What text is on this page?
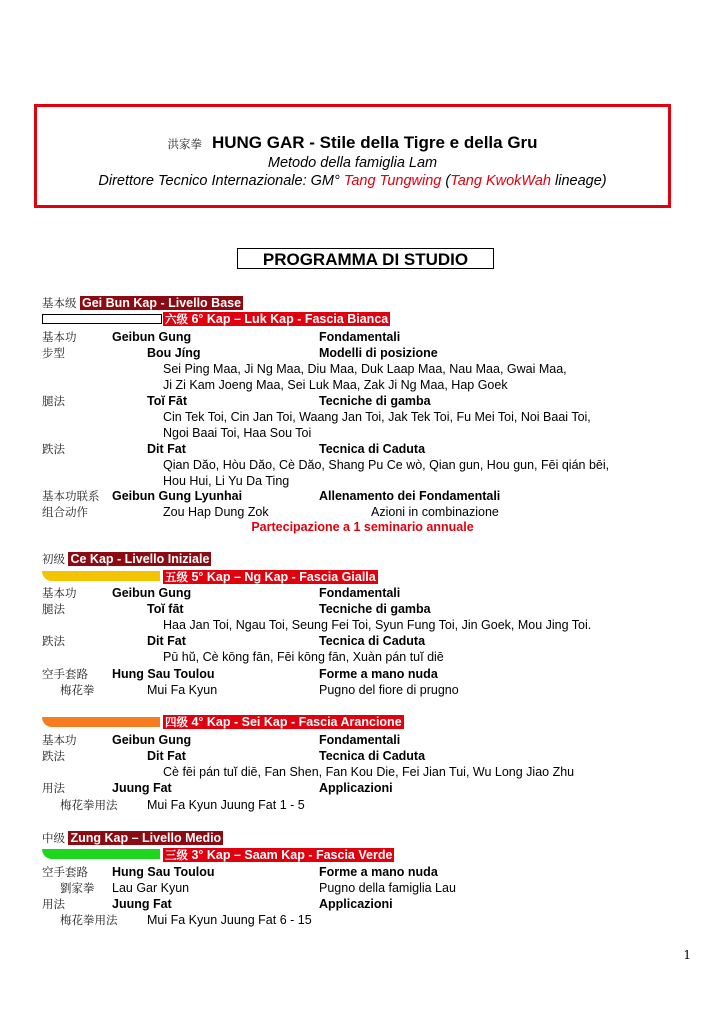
洪家拳 HUNG GAR - Stile della Tigre e della Gru
Metodo della famiglia Lam
Direttore Tecnico Internazionale: GM° Tang Tungwing (Tang KwokWah lineage)
PROGRAMMA DI STUDIO
基本级 Gei Bun Kap - Livello Base
六级 6° Kap – Luk Kap - Fascia Bianca
基本功	Geibun Gung	Fondamentali
步型	Bou Jíng	Modelli di posizione
Sei Ping Maa, Ji Ng Maa, Diu Maa, Duk Laap Maa, Nau Maa, Gwai Maa,
Ji Zi Kam Joeng Maa, Sei Luk Maa, Zak Ji Ng Maa, Hap Goek
腿法	Toĭ Fāt	Tecniche di gamba
Cin Tek Toi, Cin Jan Toi, Waang Jan Toi, Jak Tek Toi, Fu Mei Toi, Noi Baai Toi,
Ngoi Baai Toi, Haa Sou Toi
跌法	Dit Fat	Tecnica di Caduta
Qian Dăo, Hòu Dăo, Cè Dăo, Shang Pu Ce wò, Qian gun, Hou gun, Fēi qián bēi,
Hou Hui, Li Yu Da Ting
基本功联系 Geibun Gung Lyunhai	Allenamento dei Fondamentali
组合动作	Zou Hap Dung Zok	Azioni in combinazione
Partecipazione a 1 seminario annuale
初级 Ce Kap - Livello Iniziale
五级 5° Kap – Ng Kap - Fascia Gialla
基本功	Geibun Gung	Fondamentali
腿法	Toĭ fāt	Tecniche di gamba
Haa Jan Toi, Ngau Toi, Seung Fei Toi, Syun Fung Toi, Jin Goek, Mou Jing Toi.
跌法	Dit Fat	Tecnica di Caduta
Pū hŭ, Cè kōng fān, Fēi kōng fān, Xuàn pán tuĭ diē
空手套路 Hung Sau Toulou	Forme a mano nuda
梅花拳	Mui Fa Kyun	Pugno del fiore di prugno
四级 4° Kap - Sei Kap - Fascia Arancione
基本功	Geibun Gung	Fondamentali
跌法	Dit Fat	Tecnica di Caduta
Cè fēi pán tuĭ diē, Fan Shen, Fan Kou Die, Fei Jian Tui, Wu Long Jiao Zhu
用法	Juung Fat	Applicazioni
梅花拳用法 Mui Fa Kyun Juung Fat 1 - 5
中级 Zung Kap – Livello Medio
三级 3° Kap – Saam Kap - Fascia Verde
空手套路 Hung Sau Toulou	Forme a mano nuda
劉家拳 Lau Gar Kyun	Pugno della famiglia Lau
用法	Juung Fat	Applicazioni
梅花拳用法 Mui Fa Kyun Juung Fat 6 - 15
1
